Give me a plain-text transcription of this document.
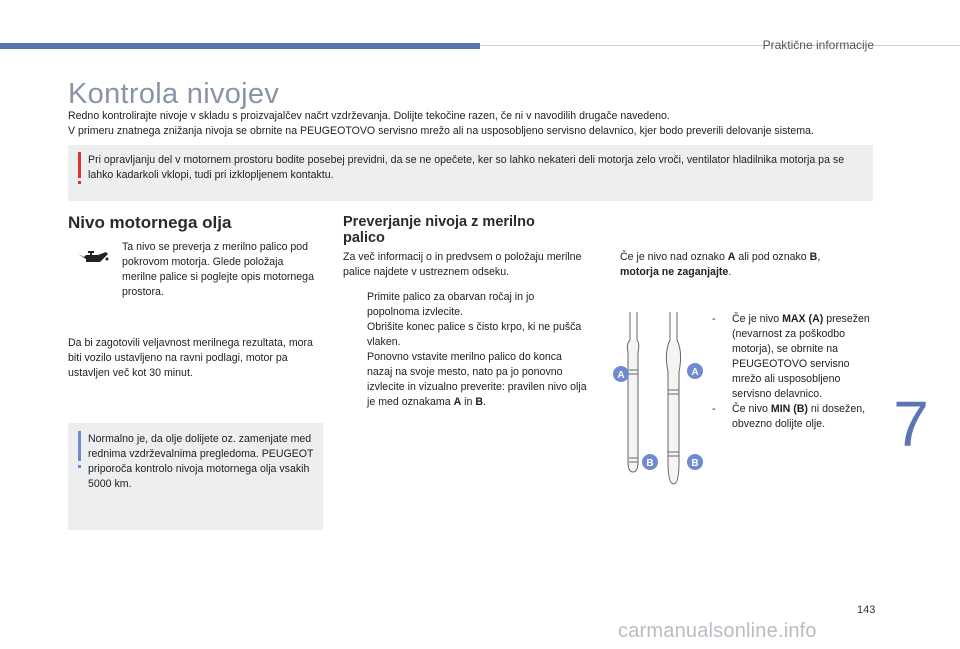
Praktične informacije
Kontrola nivojev

Redno kontrolirajte nivoje v skladu s proizvajalčev načrt vzdrževanja. Dolijte tekočine razen, če ni v navodilih drugače navedeno.

V primeru znatnega znižanja nivoja se obrnite na PEUGEOTOVO servisno mrežo ali na usposobljeno servisno delavnico, kjer bodo preverili delovanje sistema.

Pri opravljanju del v motornem prostoru bodite posebej previdni, da se ne opečete, ker so lahko nekateri deli motorja zelo vroči, ventilator hladilnika motorja pa se lahko kadarkoli vklopi, tudi pri izklopljenem kontaktu.
Nivo motornega olja
Ta nivo se preverja z merilno palico pod pokrovom motorja. Glede položaja merilne palice si poglejte opis motornega prostora.
Da bi zagotovili veljavnost merilnega rezultata, mora biti vozilo ustavljeno na ravni podlagi, motor pa ustavljen več kot 30 minut.
Normalno je, da olje dolijete oz. zamenjate med rednima vzdrževalnima pregledoma. PEUGEOT priporoča kontrolo nivoja motornega olja vsakih 5000 km.
Preverjanje nivoja z merilno palico
Za več informacij o in predvsem o položaju merilne palice najdete v ustreznem odseku.
Primite palico za obarvan ročaj in jo popolnoma izvlecite.
Obrišite konec palice s čisto krpo, ki ne pušča vlaken.
Ponovno vstavite merilno palico do konca nazaj na svoje mesto, nato pa jo ponovno izvlecite in vizualno preverite: pravilen nivo olja je med oznakama A in B.
Če je nivo nad oznako A ali pod oznako B,
motorja ne zaganjajte.
A	A
B	B
- Če je nivo MAX (A) presežen (nevarnost za poškodbo motorja), se obrnite na PEUGEOTOVO servisno mrežo ali usposobljeno servisno delavnico.
- Če nivo MIN (B) ni dosežen, obvezno dolijte olje.	7
143
carmanualsonline.info
